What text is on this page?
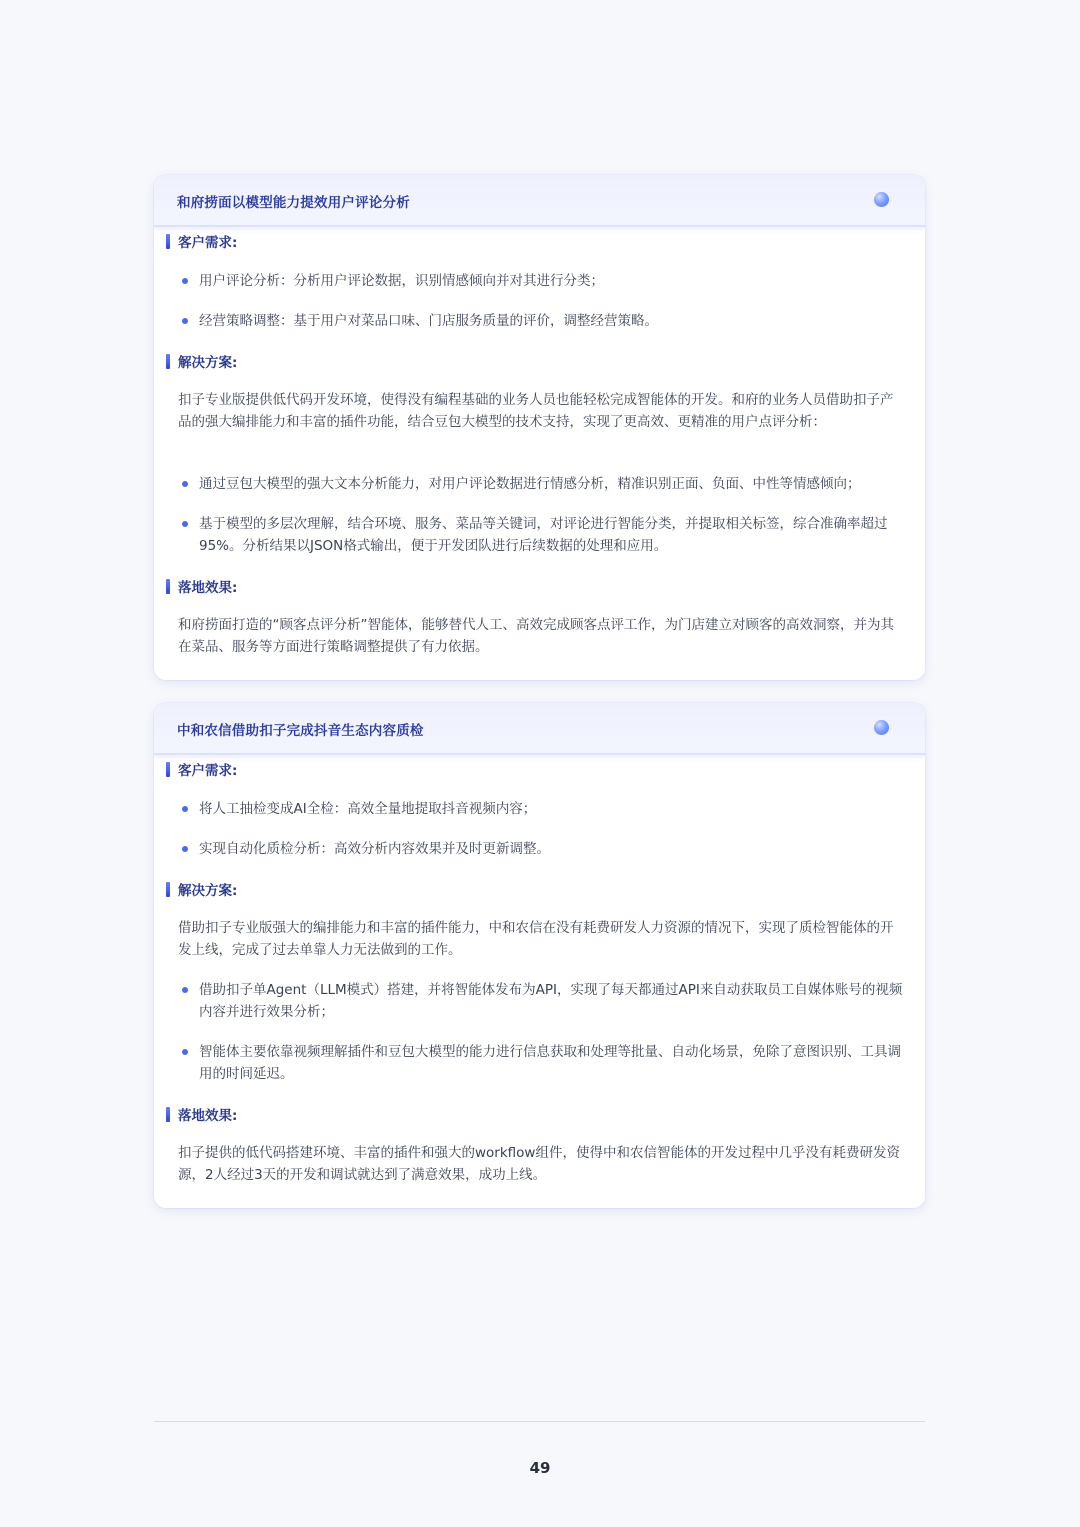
和府捞面以模型能力提效用户评论分析
客户需求:
用户评论分析：分析用户评论数据，识别情感倾向并对其进行分类；
经营策略调整：基于用户对菜品口味、门店服务质量的评价，调整经营策略。
解决方案:

扣子专业版提供低代码开发环境，使得没有编程基础的业务人员也能轻松完成智能体的开发。和府的业务人员借助扣子产品的强大编排能力和丰富的插件功能，结合豆包大模型的技术支持，实现了更高效、更精准的用户点评分析：

通过豆包大模型的强大文本分析能力，对用户评论数据进行情感分析，精准识别正面、负面、中性等情感倾向；
基于模型的多层次理解，结合环境、服务、菜品等关键词，对评论进行智能分类，并提取相关标签，综合准确率超过95%。分析结果以JSON格式输出，便于开发团队进行后续数据的处理和应用。
落地效果:

和府捞面打造的“顾客点评分析”智能体，能够替代人工、高效完成顾客点评工作，为门店建立对顾客的高效洞察，并为其在菜品、服务等方面进行策略调整提供了有力依据。

中和农信借助扣子完成抖音生态内容质检
客户需求:
将人工抽检变成AI全检：高效全量地提取抖音视频内容；
实现自动化质检分析：高效分析内容效果并及时更新调整。
解决方案:

借助扣子专业版强大的编排能力和丰富的插件能力，中和农信在没有耗费研发人力资源的情况下，实现了质检智能体的开发上线，完成了过去单靠人力无法做到的工作。

借助扣子单Agent（LLM模式）搭建，并将智能体发布为API，实现了每天都通过API来自动获取员工自媒体账号的视频内容并进行效果分析；
智能体主要依靠视频理解插件和豆包大模型的能力进行信息获取和处理等批量、自动化场景，免除了意图识别、工具调用的时间延迟。
落地效果:

扣子提供的低代码搭建环境、丰富的插件和强大的workflow组件，使得中和农信智能体的开发过程中几乎没有耗费研发资源，2人经过3天的开发和调试就达到了满意效果，成功上线。

49
